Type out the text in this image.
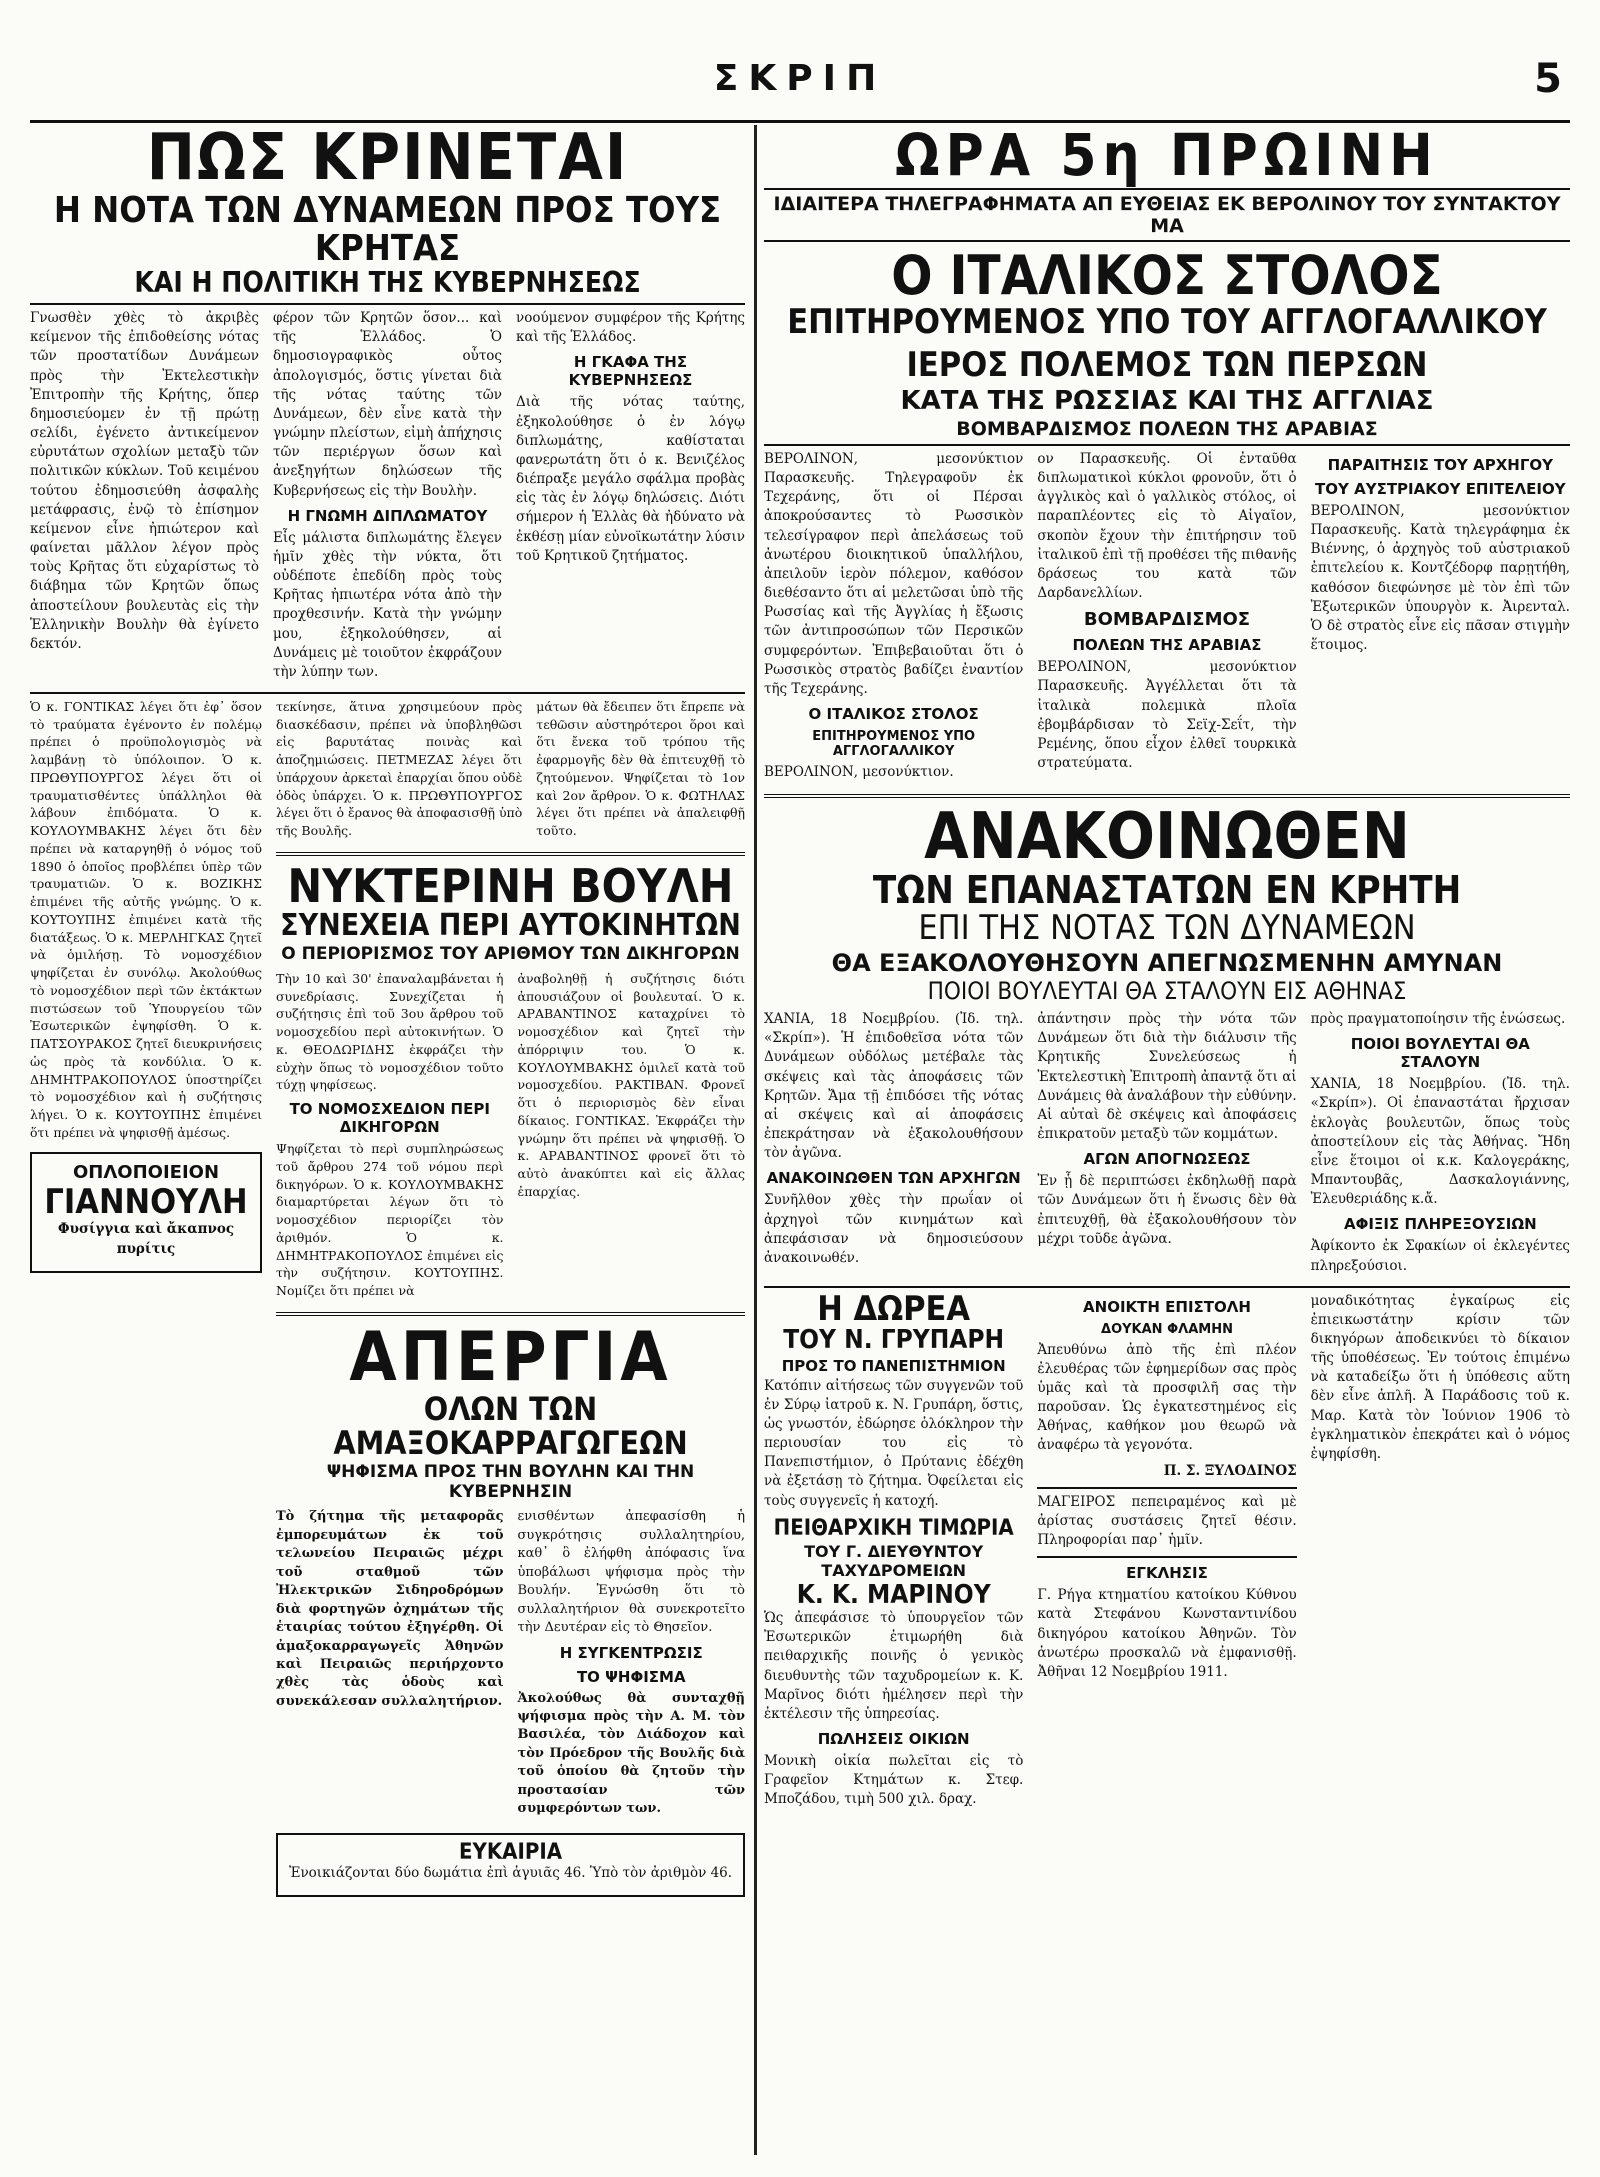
ΣΚΡΙΠ	5
ΠΩΣ ΚΡΙΝΕΤΑΙ
Η ΝΟΤΑ ΤΩΝ ΔΥΝΑΜΕΩΝ ΠΡΟΣ ΤΟΥΣ ΚΡΗΤΑΣ
ΚΑΙ Η ΠΟΛΙΤΙΚΗ ΤΗΣ ΚΥΒΕΡΝΗΣΕΩΣ

Γνωσθὲν χθὲς τὸ ἀκριβὲς κείμενον τῆς ἐπιδοθείσης νότας τῶν προστατίδων Δυνάμεων πρὸς τὴν Ἐκτελεστικὴν Ἐπιτροπὴν τῆς Κρήτης, ὅπερ δημοσιεύομεν ἐν τῇ πρώτῃ σελίδι, ἐγένετο ἀντικείμενον εὐρυτάτων σχολίων μεταξὺ τῶν πολιτικῶν κύκλων. Τοῦ κειμένου τούτου ἐδημοσιεύθη ἀσφαλὴς μετάφρασις, ἐνῷ τὸ ἐπίσημον κείμενον εἶνε ἠπιώτερον καὶ φαίνεται μᾶλλον λέγον πρὸς τοὺς Κρῆτας ὅτι εὐχαρίστως τὸ διάβημα τῶν Κρητῶν ὅπως ἀποστείλουν βουλευτὰς εἰς τὴν Ἑλληνικὴν Βουλὴν θὰ ἐγίνετο δεκτόν.

φέρον τῶν Κρητῶν ὅσον... καὶ τῆς Ἑλλάδος. Ὁ δημοσιογραφικὸς οὗτος ἀπολογισμός, ὅστις γίνεται διὰ τῆς νότας ταύτης τῶν Δυνάμεων, δὲν εἶνε κατὰ τὴν γνώμην πλείστων, εἰμὴ ἀπήχησις τῶν περιέργων ὅσων καὶ ἀνεξηγήτων δηλώσεων τῆς Κυβερνήσεως εἰς τὴν Βουλὴν.

Η ΓΝΩΜΗ ΔΙΠΛΩΜΑΤΟΥ

Εἷς μάλιστα διπλωμάτης ἔλεγεν ἡμῖν χθὲς τὴν νύκτα, ὅτι οὐδέποτε ἐπεδίδη πρὸς τοὺς Κρῆτας ἠπιωτέρα νότα ἀπὸ τὴν προχθεσινήν. Κατὰ τὴν γνώμην μου, ἐξηκολούθησεν, αἱ Δυνάμεις μὲ τοιοῦτον ἐκφράζουν τὴν λύπην των.

νοούμενον συμφέρον τῆς Κρήτης καὶ τῆς Ἑλλάδος.

Η ΓΚΑΦΑ ΤΗΣ ΚΥΒΕΡΝΗΣΕΩΣ

Διὰ τῆς νότας ταύτης, ἐξηκολούθησε ὁ ἐν λόγῳ διπλωμάτης, καθίσταται φανερωτάτη ὅτι ὁ κ. Βενιζέλος διέπραξε μεγάλο σφάλμα προβὰς εἰς τὰς ἐν λόγῳ δηλώσεις. Διότι σήμερον ἡ Ἑλλὰς θὰ ἠδύνατο νὰ ἐκθέσῃ μίαν εὐνοϊκωτάτην λύσιν τοῦ Κρητικοῦ ζητήματος.

Ὁ κ. ΓΟΝΤΙΚΑΣ λέγει ὅτι ἐφ᾽ ὅσον τὸ τραύματα ἐγένοντο ἐν πολέμῳ πρέπει ὁ προϋπολογισμὸς νὰ λαμβάνῃ τὸ ὑπόλοιπον. Ὁ κ. ΠΡΩΘΥΠΟΥΡΓΟΣ λέγει ὅτι οἱ τραυματισθέντες ὑπάλληλοι θὰ λάβουν ἐπιδόματα. Ὁ κ. ΚΟΥΛΟΥΜΒΑΚΗΣ λέγει ὅτι δὲν πρέπει νὰ καταργηθῇ ὁ νόμος τοῦ 1890 ὁ ὁποῖος προβλέπει ὑπὲρ τῶν τραυματιῶν. Ὁ κ. ΒΟΖΙΚΗΣ ἐπιμένει τῆς αὐτῆς γνώμης. Ὁ κ. ΚΟΥΤΟΥΠΗΣ ἐπιμένει κατὰ τῆς διατάξεως. Ὁ κ. ΜΕΡΛΗΓΚΑΣ ζητεῖ νὰ ὁμιλήσῃ. Τὸ νομοσχέδιον ψηφίζεται ἐν συνόλῳ. Ἀκολούθως τὸ νομοσχέδιον περὶ τῶν ἐκτάκτων πιστώσεων τοῦ Ὑπουργείου τῶν Ἐσωτερικῶν ἐψηφίσθη. Ὁ κ. ΠΑΤΣΟΥΡΑΚΟΣ ζητεῖ διευκρινήσεις ὡς πρὸς τὰ κονδύλια. Ὁ κ. ΔΗΜΗΤΡΑΚΟΠΟΥΛΟΣ ὑποστηρίζει τὸ νομοσχέδιον καὶ ἡ συζήτησις λήγει. Ὁ κ. ΚΟΥΤΟΥΠΗΣ ἐπιμένει ὅτι πρέπει νὰ ψηφισθῇ ἀμέσως.

ΟΠΛΟΠΟΙΕΙΟΝ
ΓΙΑΝΝΟΥΛΗ
Φυσίγγια καὶ ἄκαπνος πυρίτις

τεκίνησε, ἅτινα χρησιμεύουν πρὸς διασκέδασιν, πρέπει νὰ ὑποβληθῶσι εἰς βαρυτάτας ποινὰς καὶ ἀποζημιώσεις. ΠΕΤΜΕΖΑΣ λέγει ὅτι ὑπάρχουν ἀρκεταὶ ἐπαρχίαι ὅπου οὐδὲ ὁδὸς ὑπάρχει. Ὁ κ. ΠΡΩΘΥΠΟΥΡΓΟΣ λέγει ὅτι ὁ ἔρανος θὰ ἀποφασισθῇ ὑπὸ τῆς Βουλῆς.

μάτων θὰ ἔδειπεν ὅτι ἔπρεπε νὰ τεθῶσιν αὐστηρότεροι ὅροι καὶ ὅτι ἔνεκα τοῦ τρόπου τῆς ἐφαρμογῆς δὲν θὰ ἐπιτευχθῇ τὸ ζητούμενον. Ψηφίζεται τὸ 1ον καὶ 2ον ἄρθρον. Ὁ κ. ΦΩΤΗΛΑΣ λέγει ὅτι πρέπει νὰ ἀπαλειφθῇ τοῦτο.

ΝΥΚΤΕΡΙΝΗ ΒΟΥΛΗ
ΣΥΝΕΧΕΙΑ ΠΕΡΙ ΑΥΤΟΚΙΝΗΤΩΝ
Ο ΠΕΡΙΟΡΙΣΜΟΣ ΤΟΥ ΑΡΙΘΜΟΥ ΤΩΝ ΔΙΚΗΓΟΡΩΝ

Τὴν 10 καὶ 30' ἐπαναλαμβάνεται ἡ συνεδρίασις. Συνεχίζεται ἡ συζήτησις ἐπὶ τοῦ 3ου ἄρθρου τοῦ νομοσχεδίου περὶ αὐτοκινήτων. Ὁ κ. ΘΕΟΔΩΡΙΔΗΣ ἐκφράζει τὴν εὐχὴν ὅπως τὸ νομοσχέδιον τοῦτο τύχῃ ψηφίσεως.

ΤΟ ΝΟΜΟΣΧΕΔΙΟΝ ΠΕΡΙ ΔΙΚΗΓΟΡΩΝ

Ψηφίζεται τὸ περὶ συμπληρώσεως τοῦ ἄρθρου 274 τοῦ νόμου περὶ δικηγόρων. Ὁ κ. ΚΟΥΛΟΥΜΒΑΚΗΣ διαμαρτύρεται λέγων ὅτι τὸ νομοσχέδιον περιορίζει τὸν ἀριθμόν. Ὁ κ. ΔΗΜΗΤΡΑΚΟΠΟΥΛΟΣ ἐπιμένει εἰς τὴν συζήτησιν. ΚΟΥΤΟΥΠΗΣ. Νομίζει ὅτι πρέπει νὰ

ἀναβοληθῇ ἡ συζήτησις διότι ἀπουσιάζουν οἱ βουλευταί. Ὁ κ. ΑΡΑΒΑΝΤΙΝΟΣ καταχρίνει τὸ νομοσχέδιον καὶ ζητεῖ τὴν ἀπόρριψιν του. Ὁ κ. ΚΟΥΛΟΥΜΒΑΚΗΣ ὁμιλεῖ κατὰ τοῦ νομοσχεδίου. ΡΑΚΤΙΒΑΝ. Φρονεῖ ὅτι ὁ περιορισμὸς δὲν εἶναι δίκαιος. ΓΟΝΤΙΚΑΣ. Ἐκφράζει τὴν γνώμην ὅτι πρέπει νὰ ψηφισθῇ. Ὁ κ. ΑΡΑΒΑΝΤΙΝΟΣ φρονεῖ ὅτι τὸ αὐτὸ ἀνακύπτει καὶ εἰς ἄλλας ἐπαρχίας.

ΑΠΕΡΓΙΑ
ΟΛΩΝ ΤΩΝ ΑΜΑΞΟΚΑΡΡΑΓΩΓΕΩΝ
ΨΗΦΙΣΜΑ ΠΡΟΣ ΤΗΝ ΒΟΥΛΗΝ ΚΑΙ ΤΗΝ ΚΥΒΕΡΝΗΣΙΝ

Τὸ ζήτημα τῆς μεταφορᾶς ἐμπορευμάτων ἐκ τοῦ τελωνείου Πειραιῶς μέχρι τοῦ σταθμοῦ τῶν Ἠλεκτρικῶν Σιδηροδρόμων διὰ φορτηγῶν ὀχημάτων τῆς ἑταιρίας τούτου ἐξηγέρθη. Οἱ ἀμαξοκαρραγωγεῖς Ἀθηνῶν καὶ Πειραιῶς περιήρχοντο χθὲς τὰς ὁδοὺς καὶ συνεκάλεσαν συλλαλητήριον.

ενισθέντων ἀπεφασίσθη ἡ συγκρότησις συλλαλητηρίου, καθ᾽ ὃ ἐλήφθη ἀπόφασις ἵνα ὑποβάλωσι ψήφισμα πρὸς τὴν Βουλήν. Ἐγνώσθη ὅτι τὸ συλλαλητήριον θὰ συνεκροτεῖτο τὴν Δευτέραν εἰς τὸ Θησεῖον.

Η ΣΥΓΚΕΝΤΡΩΣΙΣ
ΤΟ ΨΗΦΙΣΜΑ

Ἀκολούθως θὰ συνταχθῇ ψήφισμα πρὸς τὴν Α. Μ. τὸν Βασιλέα, τὸν Διάδοχον καὶ τὸν Πρόεδρον τῆς Βουλῆς διὰ τοῦ ὁποίου θὰ ζητοῦν τὴν προστασίαν τῶν συμφερόντων των.

ΕΥΚΑΙΡΙΑ
Ἐνοικιάζονται δύο δωμάτια ἐπὶ ἀγυιᾶς 46. Ὑπὸ τὸν ἀριθμὸν 46.
ΩΡΑ 5η ΠΡΩΙΝΗ
ΙΔΙΑΙΤΕΡΑ ΤΗΛΕΓΡΑΦΗΜΑΤΑ ΑΠ ΕΥΘΕΙΑΣ ΕΚ ΒΕΡΟΛΙΝΟΥ ΤΟΥ ΣΥΝΤΑΚΤΟΥ ΜΑ
Ο ΙΤΑΛΙΚΟΣ ΣΤΟΛΟΣ
ΕΠΙΤΗΡΟΥΜΕΝΟΣ ΥΠΟ ΤΟΥ ΑΓΓΛΟΓΑΛΛΙΚΟΥ
ΙΕΡΟΣ ΠΟΛΕΜΟΣ ΤΩΝ ΠΕΡΣΩΝ
ΚΑΤΑ ΤΗΣ ΡΩΣΣΙΑΣ ΚΑΙ ΤΗΣ ΑΓΓΛΙΑΣ
ΒΟΜΒΑΡΔΙΣΜΟΣ ΠΟΛΕΩΝ ΤΗΣ ΑΡΑΒΙΑΣ

ΒΕΡΟΛΙΝΟΝ, μεσονύκτιον Παρασκευῆς. Τηλεγραφοῦν ἐκ Τεχεράνης, ὅτι οἱ Πέρσαι ἀποκρούσαντες τὸ Ρωσσικὸν τελεσίγραφον περὶ ἀπελάσεως τοῦ ἀνωτέρου διοικητικοῦ ὑπαλλήλου, ἀπειλοῦν ἱερὸν πόλεμον, καθόσον διεθέσαντο ὅτι αἱ μελετῶσαι ὑπὸ τῆς Ρωσσίας καὶ τῆς Ἀγγλίας ἡ ἔξωσις τῶν ἀντιπροσώπων τῶν Περσικῶν συμφερόντων. Ἐπιβεβαιοῦται ὅτι ὁ Ρωσσικὸς στρατὸς βαδίζει ἐναντίον τῆς Τεχεράνης.

Ο ΙΤΑΛΙΚΟΣ ΣΤΟΛΟΣ
ΕΠΙΤΗΡΟΥΜΕΝΟΣ ΥΠΟ ΑΓΓΛΟΓΑΛΛΙΚΟΥ

ΒΕΡΟΛΙΝΟΝ, μεσονύκτιον.

ον Παρασκευῆς. Οἱ ἐνταῦθα διπλωματικοὶ κύκλοι φρονοῦν, ὅτι ὁ ἀγγλικὸς καὶ ὁ γαλλικὸς στόλος, οἱ παραπλέοντες εἰς τὸ Αἰγαῖον, σκοπὸν ἔχουν τὴν ἐπιτήρησιν τοῦ ἰταλικοῦ ἐπὶ τῇ προθέσει τῆς πιθανῆς δράσεως του κατὰ τῶν Δαρδανελλίων.

ΒΟΜΒΑΡΔΙΣΜΟΣ
ΠΟΛΕΩΝ ΤΗΣ ΑΡΑΒΙΑΣ

ΒΕΡΟΛΙΝΟΝ, μεσονύκτιον Παρασκευῆς. Ἀγγέλλεται ὅτι τὰ ἰταλικὰ πολεμικὰ πλοῖα ἐβομβάρδισαν τὸ Σεϊχ-Σεΐτ, τὴν Ρεμένης, ὅπου εἶχον ἐλθεῖ τουρκικὰ στρατεύματα.

ΠΑΡΑΙΤΗΣΙΣ ΤΟΥ ΑΡΧΗΓΟΥ
ΤΟΥ ΑΥΣΤΡΙΑΚΟΥ ΕΠΙΤΕΛΕΙΟΥ

ΒΕΡΟΛΙΝΟΝ, μεσονύκτιον Παρασκευῆς. Κατὰ τηλεγράφημα ἐκ Βιέννης, ὁ ἀρχηγὸς τοῦ αὐστριακοῦ ἐπιτελείου κ. Κοντζέδορφ παρῃτήθη, καθόσον διεφώνησε μὲ τὸν ἐπὶ τῶν Ἐξωτερικῶν ὑπουργὸν κ. Ἀιρενταλ. Ὁ δὲ στρατὸς εἶνε εἰς πᾶσαν στιγμὴν ἕτοιμος.

ΑΝΑΚΟΙΝΩΘΕΝ
ΤΩΝ ΕΠΑΝΑΣΤΑΤΩΝ ΕΝ ΚΡΗΤΗ
ΕΠΙ ΤΗΣ ΝΟΤΑΣ ΤΩΝ ΔΥΝΑΜΕΩΝ
ΘΑ ΕΞΑΚΟΛΟΥΘΗΣΟΥΝ ΑΠΕΓΝΩΣΜΕΝΗΝ ΑΜΥΝΑΝ
ΠΟΙΟΙ ΒΟΥΛΕΥΤΑΙ ΘΑ ΣΤΑΛΟΥΝ ΕΙΣ ΑΘΗΝΑΣ

ΧΑΝΙΑ, 18 Νοεμβρίου. (Ἰδ. τηλ. «Σκρίπ»). Ἡ ἐπιδοθεῖσα νότα τῶν Δυνάμεων οὐδόλως μετέβαλε τὰς σκέψεις καὶ τὰς ἀποφάσεις τῶν Κρητῶν. Ἄμα τῇ ἐπιδόσει τῆς νότας αἱ σκέψεις καὶ αἱ ἀποφάσεις ἐπεκράτησαν νὰ ἐξακολουθήσουν τὸν ἀγῶνα.

ΑΝΑΚΟΙΝΩΘΕΝ ΤΩΝ ΑΡΧΗΓΩΝ

Συνῆλθον χθὲς τὴν πρωΐαν οἱ ἀρχηγοὶ τῶν κινημάτων καὶ ἀπεφάσισαν νὰ δημοσιεύσουν ἀνακοινωθέν.

ἀπάντησιν πρὸς τὴν νότα τῶν Δυνάμεων ὅτι διὰ τὴν διάλυσιν τῆς Κρητικῆς Συνελεύσεως ἡ Ἐκτελεστικὴ Ἐπιτροπὴ ἀπαντᾷ ὅτι αἱ Δυνάμεις θὰ ἀναλάβουν τὴν εὐθύνην. Αἱ αὐταὶ δὲ σκέψεις καὶ ἀποφάσεις ἐπικρατοῦν μεταξὺ τῶν κομμάτων.

ΑΓΩΝ ΑΠΟΓΝΩΣΕΩΣ

Ἐν ᾗ δὲ περιπτώσει ἐκδηλωθῇ παρὰ τῶν Δυνάμεων ὅτι ἡ ἕνωσις δὲν θὰ ἐπιτευχθῇ, θὰ ἐξακολουθήσουν τὸν μέχρι τοῦδε ἀγῶνα.

πρὸς πραγματοποίησιν τῆς ἑνώσεως.

ΠΟΙΟΙ ΒΟΥΛΕΥΤΑΙ ΘΑ ΣΤΑΛΟΥΝ

ΧΑΝΙΑ, 18 Νοεμβρίου. (Ἰδ. τηλ. «Σκρίπ»). Οἱ ἐπαναστάται ἤρχισαν ἐκλογὰς βουλευτῶν, ὅπως τοὺς ἀποστείλουν εἰς τὰς Ἀθήνας. Ἤδη εἶνε ἕτοιμοι οἱ κ.κ. Καλογεράκης, Μπαντουβᾶς, Δασκαλογιάννης, Ἐλευθεριάδης κ.ἄ.

ΑΦΙΞΙΣ ΠΛΗΡΕΞΟΥΣΙΩΝ

Ἀφίκοντο ἐκ Σφακίων οἱ ἐκλεγέντες πληρεξούσιοι.

Η ΔΩΡΕΑ
ΤΟΥ Ν. ΓΡΥΠΑΡΗ
ΠΡΟΣ ΤΟ ΠΑΝΕΠΙΣΤΗΜΙΟΝ

Κατόπιν αἰτήσεως τῶν συγγενῶν τοῦ ἐν Σύρῳ ἰατροῦ κ. Ν. Γρυπάρη, ὅστις, ὡς γνωστόν, ἐδώρησε ὁλόκληρον τὴν περιουσίαν του εἰς τὸ Πανεπιστήμιον, ὁ Πρύτανις ἐδέχθη νὰ ἐξετάσῃ τὸ ζήτημα. Ὀφείλεται εἰς τοὺς συγγενεῖς ἡ κατοχή.

ΠΕΙΘΑΡΧΙΚΗ ΤΙΜΩΡΙΑ
ΤΟΥ Γ. ΔΙΕΥΘΥΝΤΟΥ ΤΑΧΥΔΡΟΜΕΙΩΝ
Κ. Κ. ΜΑΡΙΝΟΥ

Ὡς ἀπεφάσισε τὸ ὑπουργεῖον τῶν Ἐσωτερικῶν ἐτιμωρήθη διὰ πειθαρχικῆς ποινῆς ὁ γενικὸς διευθυντὴς τῶν ταχυδρομείων κ. Κ. Μαρῖνος διότι ἠμέλησεν περὶ τὴν ἐκτέλεσιν τῆς ὑπηρεσίας.

ΠΩΛΗΣΕΙΣ ΟΙΚΙΩΝ

Μονικὴ οἰκία πωλεῖται εἰς τὸ Γραφεῖον Κτημάτων κ. Στεφ. Μποζάδου, τιμὴ 500 χιλ. δραχ.

ΑΝΟΙΚΤΗ ΕΠΙΣΤΟΛΗ
ΔΟΥΚΑΝ ΦΛΑΜΗΝ

Ἀπευθύνω ἀπὸ τῆς ἐπὶ πλέον ἐλευθέρας τῶν ἐφημερίδων σας πρὸς ὑμᾶς καὶ τὰ προσφιλῆ σας τὴν παροῦσαν. Ὡς ἐγκατεστημένος εἰς Ἀθήνας, καθήκον μου θεωρῶ νὰ ἀναφέρω τὰ γεγονότα.

Π. Σ. ΞΥΛΟΔΙΝΟΣ

ΜΑΓΕΙΡΟΣ πεπειραμένος καὶ μὲ ἀρίστας συστάσεις ζητεῖ θέσιν. Πληροφορίαι παρ᾽ ἡμῖν.

ΕΓΚΛΗΣΙΣ

Γ. Ρήγα κτηματίου κατοίκου Κύθνου κατὰ Στεφάνου Κωνσταντινίδου δικηγόρου κατοίκου Ἀθηνῶν. Τὸν ἀνωτέρω προσκαλῶ νὰ ἐμφανισθῇ. Ἀθῆναι 12 Νοεμβρίου 1911.

μοναδικότητας ἐγκαίρως εἰς ἐπιεικωστάτην κρίσιν τῶν δικηγόρων ἀποδεικνύει τὸ δίκαιον τῆς ὑποθέσεως. Ἐν τούτοις ἐπιμένω νὰ καταδείξω ὅτι ἡ ὑπόθεσις αὕτη δὲν εἶνε ἁπλῆ. Ἀ Παράδοσις τοῦ κ. Μαρ. Κατὰ τὸν Ἰούνιον 1906 τὸ ἐγκληματικὸν ἐπεκράτει καὶ ὁ νόμος ἐψηφίσθη.
